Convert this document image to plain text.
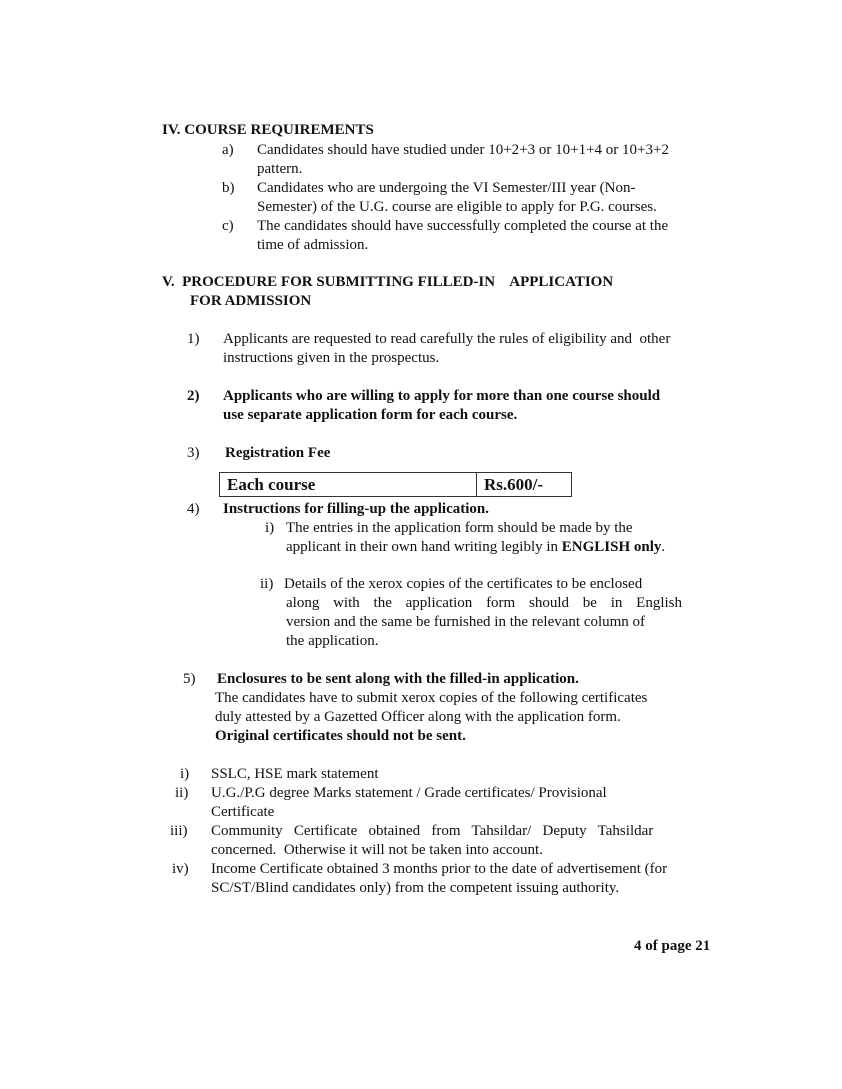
IV. COURSE REQUIREMENTS
a) Candidates should have studied under 10+2+3 or 10+1+4 or 10+3+2
pattern.
b) Candidates who are undergoing the VI Semester/III year (Non-
Semester) of the U.G. course are eligible to apply for P.G. courses.
c) The candidates should have successfully completed the course at the
time of admission.
V.  PROCEDURE FOR SUBMITTING FILLED-IN    APPLICATION
FOR ADMISSION
1) Applicants are requested to read carefully the rules of eligibility and  other
instructions given in the prospectus.
2) Applicants who are willing to apply for more than one course should
use separate application form for each course.
3) Registration Fee
Each course	Rs.600/-
4) Instructions for filling-up the application.
i) The entries in the application form should be made by the
applicant in their own hand writing legibly in ENGLISH only.
ii) Details of the xerox copies of the certificates to be enclosed
along with the application form should be in English
version and the same be furnished in the relevant column of
the application.
5) Enclosures to be sent along with the filled-in application.
The candidates have to submit xerox copies of the following certificates
duly attested by a Gazetted Officer along with the application form.
Original certificates should not be sent.
i) SSLC, HSE mark statement
ii) U.G./P.G degree Marks statement / Grade certificates/ Provisional
Certificate
iii) Community   Certificate   obtained   from   Tahsildar/   Deputy   Tahsildar
concerned.  Otherwise it will not be taken into account.
iv) Income Certificate obtained 3 months prior to the date of advertisement (for
SC/ST/Blind candidates only) from the competent issuing authority.
4 of page 21
